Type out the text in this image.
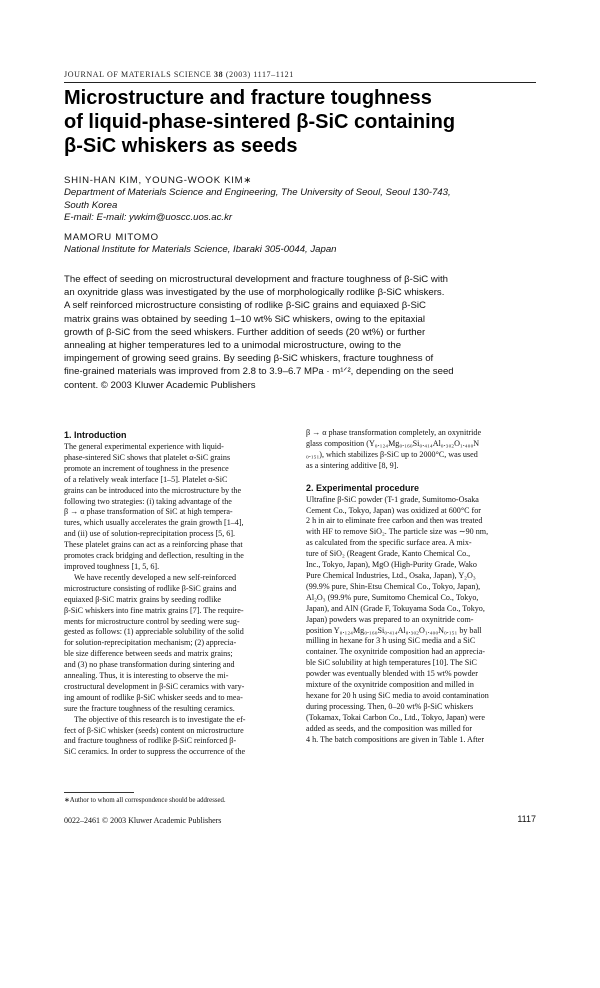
JOURNAL OF MATERIALS SCIENCE 38 (2003) 1117–1121
Microstructure and fracture toughness
of liquid-phase-sintered β-SiC containing
β-SiC whiskers as seeds
SHIN-HAN KIM, YOUNG-WOOK KIM∗
Department of Materials Science and Engineering, The University of Seoul, Seoul 130-743,
South Korea
E-mail: E-mail: ywkim@uoscc.uos.ac.kr
MAMORU MITOMO
National Institute for Materials Science, Ibaraki 305-0044, Japan

The effect of seeding on microstructural development and fracture toughness of β-SiC with
an oxynitride glass was investigated by the use of morphologically rodlike β-SiC whiskers.
A self reinforced microstructure consisting of rodlike β-SiC grains and equiaxed β-SiC
matrix grains was obtained by seeding 1–10 wt% SiC whiskers, owing to the epitaxial
growth of β-SiC from the seed whiskers. Further addition of seeds (20 wt%) or further
annealing at higher temperatures led to a unimodal microstructure, owing to the
impingement of growing seed grains. By seeding β-SiC whiskers, fracture toughness of
fine-grained materials was improved from 2.8 to 3.9–6.7 MPa · m¹ᐟ², depending on the seed
content. © 2003 Kluwer Academic Publishers

1. Introduction
The general experimental experience with liquid-
phase-sintered SiC shows that platelet α-SiC grains
promote an increment of toughness in the presence
of a relatively weak interface [1–5]. Platelet α-SiC
grains can be introduced into the microstructure by the
following two strategies: (i) taking advantage of the
β → α phase transformation of SiC at high tempera-
tures, which usually accelerates the grain growth [1–4],
and (ii) use of solution-reprecipitation process [5, 6].
These platelet grains can act as a reinforcing phase that
promotes crack bridging and deflection, resulting in the
improved toughness [1, 5, 6].
We have recently developed a new self-reinforced
microstructure consisting of rodlike β-SiC grains and
equiaxed β-SiC matrix grains by seeding rodlike
β-SiC whiskers into fine matrix grains [7]. The require-
ments for microstructure control by seeding were sug-
gested as follows: (1) appreciable solubility of the solid
for solution-reprecipitation mechanism; (2) apprecia-
ble size difference between seeds and matrix grains;
and (3) no phase transformation during sintering and
annealing. Thus, it is interesting to observe the mi-
crostructural development in β-SiC ceramics with vary-
ing amount of rodlike β-SiC whisker seeds and to mea-
sure the fracture toughness of the resulting ceramics.
The objective of this research is to investigate the ef-
fect of β-SiC whisker (seeds) content on microstructure
and fracture toughness of rodlike β-SiC reinforced β-
SiC ceramics. In order to suppress the occurrence of the
β → α phase transformation completely, an oxynitride
glass composition (Y₀.₁₂₄Mg₀.₁₆₀Si₀.₄₁₄Al₀.₃₀₂O₁.₄₀₀N
₀.₁₅₁), which stabilizes β-SiC up to 2000°C, was used
as a sintering additive [8, 9].
2. Experimental procedure
Ultrafine β-SiC powder (T-1 grade, Sumitomo-Osaka
Cement Co., Tokyo, Japan) was oxidized at 600°C for
2 h in air to eliminate free carbon and then was treated
with HF to remove SiO₂. The particle size was ∼90 nm,
as calculated from the specific surface area. A mix-
ture of SiO₂ (Reagent Grade, Kanto Chemical Co.,
Inc., Tokyo, Japan), MgO (High-Purity Grade, Wako
Pure Chemical Industries, Ltd., Osaka, Japan), Y₂O₃
(99.9% pure, Shin-Etsu Chemical Co., Tokyo, Japan),
Al₂O₃ (99.9% pure, Sumitomo Chemical Co., Tokyo,
Japan), and AlN (Grade F, Tokuyama Soda Co., Tokyo,
Japan) powders was prepared to an oxynitride com-
position Y₀.₁₂₄Mg₀.₁₆₀Si₀.₄₁₄Al₀.₃₀₂O₁.₄₀₀N₀.₁₅₁ by ball
milling in hexane for 3 h using SiC media and a SiC
container. The oxynitride composition had an apprecia-
ble SiC solubility at high temperatures [10]. The SiC
powder was eventually blended with 15 wt% powder
mixture of the oxynitride composition and milled in
hexane for 20 h using SiC media to avoid contamination
during processing. Then, 0–20 wt% β-SiC whiskers
(Tokamax, Tokai Carbon Co., Ltd., Tokyo, Japan) were
added as seeds, and the composition was milled for
4 h. The batch compositions are given in Table 1. After
∗Author to whom all correspondence should be addressed.
0022–2461 © 2003 Kluwer Academic Publishers	1117
